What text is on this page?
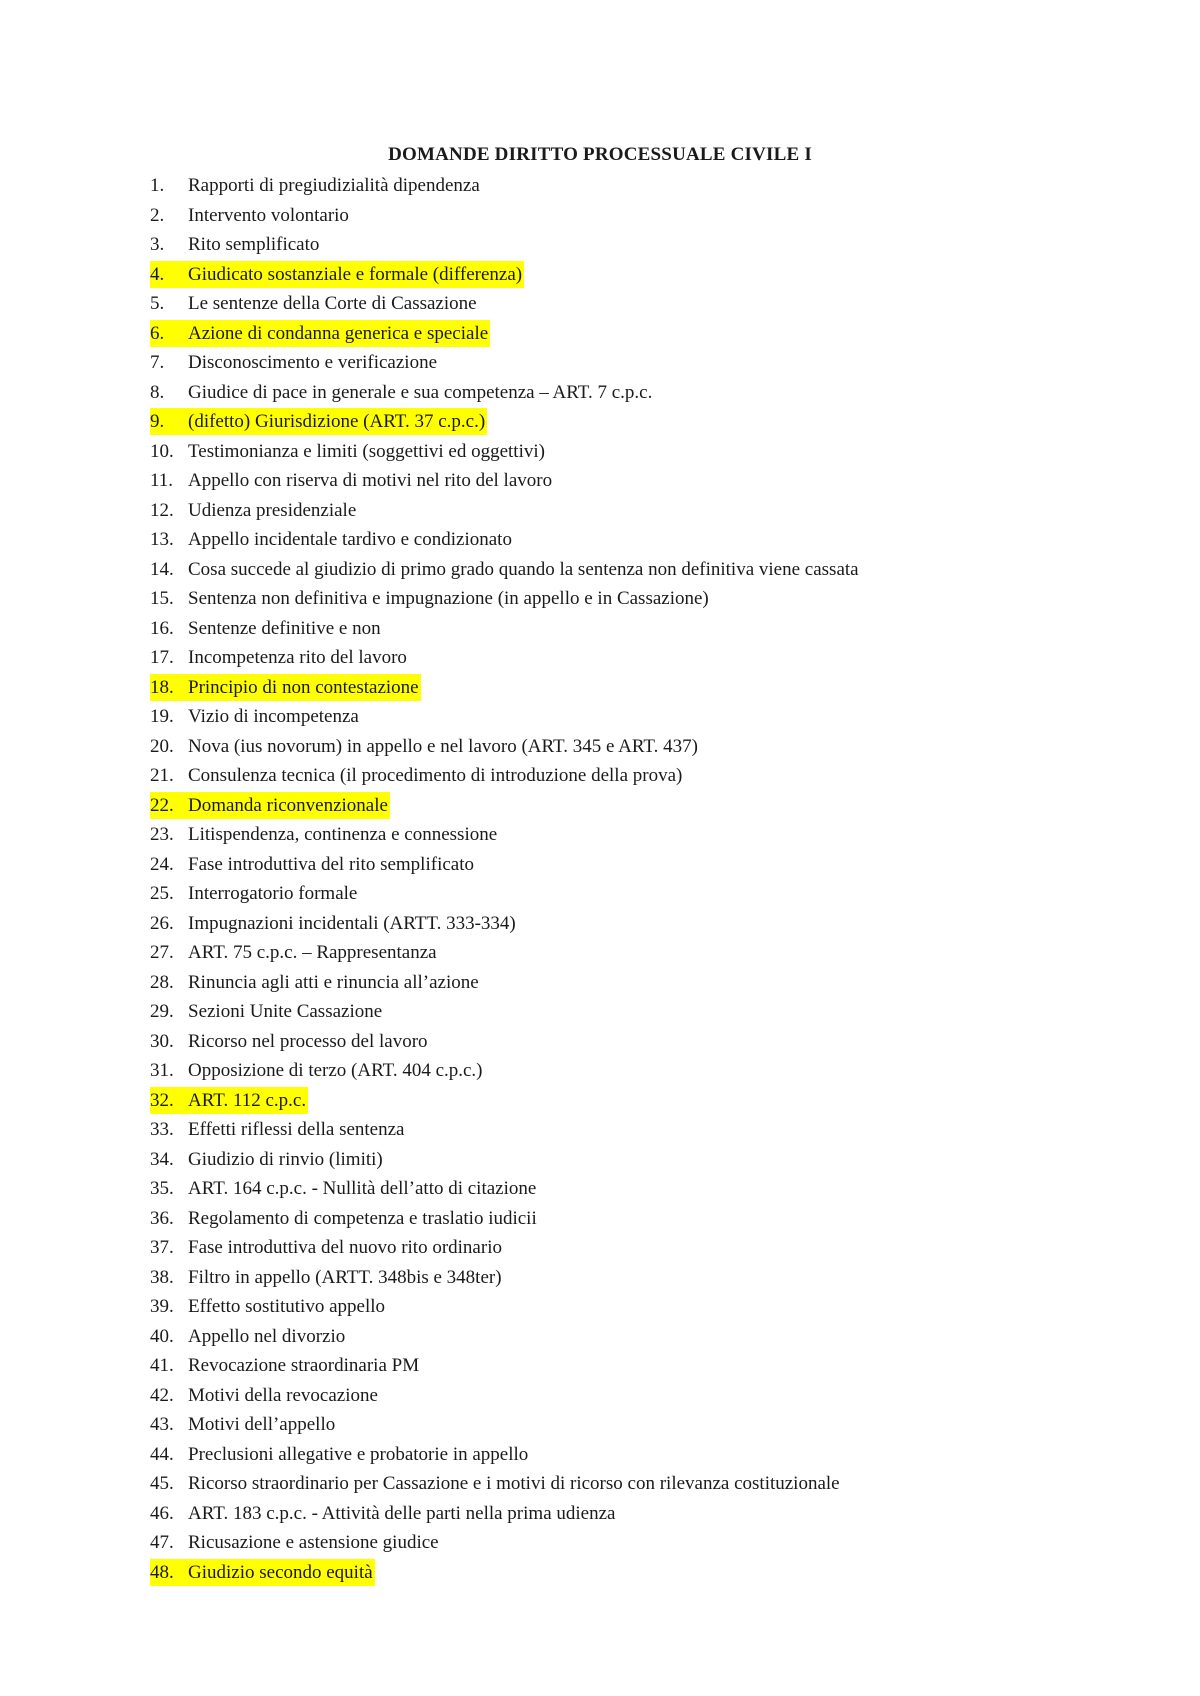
DOMANDE DIRITTO PROCESSUALE CIVILE I
1. Rapporti di pregiudizialità dipendenza
2. Intervento volontario
3. Rito semplificato
4. Giudicato sostanziale e formale (differenza)
5. Le sentenze della Corte di Cassazione
6. Azione di condanna generica e speciale
7. Disconoscimento e verificazione
8. Giudice di pace in generale e sua competenza – ART. 7 c.p.c.
9. (difetto) Giurisdizione (ART. 37 c.p.c.)
10. Testimonianza e limiti (soggettivi ed oggettivi)
11. Appello con riserva di motivi nel rito del lavoro
12. Udienza presidenziale
13. Appello incidentale tardivo e condizionato
14. Cosa succede al giudizio di primo grado quando la sentenza non definitiva viene cassata
15. Sentenza non definitiva e impugnazione (in appello e in Cassazione)
16. Sentenze definitive e non
17. Incompetenza rito del lavoro
18. Principio di non contestazione
19. Vizio di incompetenza
20. Nova (ius novorum) in appello e nel lavoro (ART. 345 e ART. 437)
21. Consulenza tecnica (il procedimento di introduzione della prova)
22. Domanda riconvenzionale
23. Litispendenza, continenza e connessione
24. Fase introduttiva del rito semplificato
25. Interrogatorio formale
26. Impugnazioni incidentali (ARTT. 333-334)
27. ART. 75 c.p.c. – Rappresentanza
28. Rinuncia agli atti e rinuncia all’azione
29. Sezioni Unite Cassazione
30. Ricorso nel processo del lavoro
31. Opposizione di terzo (ART. 404 c.p.c.)
32. ART. 112 c.p.c.
33. Effetti riflessi della sentenza
34. Giudizio di rinvio (limiti)
35. ART. 164 c.p.c. - Nullità dell’atto di citazione
36. Regolamento di competenza e traslatio iudicii
37. Fase introduttiva del nuovo rito ordinario
38. Filtro in appello (ARTT. 348bis e 348ter)
39. Effetto sostitutivo appello
40. Appello nel divorzio
41. Revocazione straordinaria PM
42. Motivi della revocazione
43. Motivi dell’appello
44. Preclusioni allegative e probatorie in appello
45. Ricorso straordinario per Cassazione e i motivi di ricorso con rilevanza costituzionale
46. ART. 183 c.p.c. - Attività delle parti nella prima udienza
47. Ricusazione e astensione giudice
48. Giudizio secondo equità
